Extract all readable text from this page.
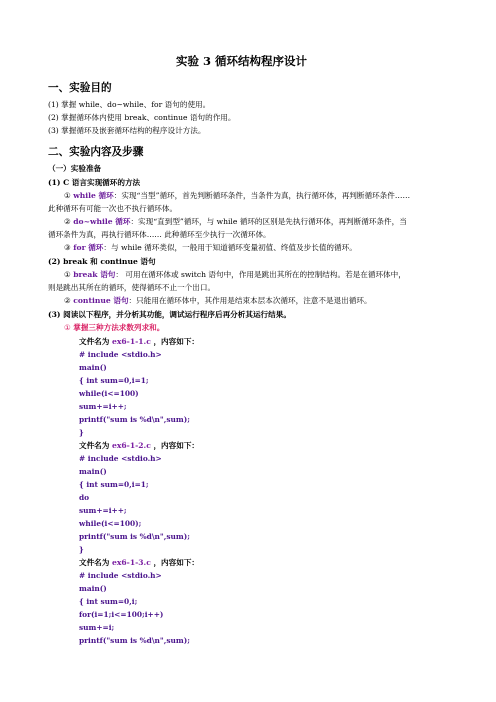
实验 3 循环结构程序设计
一、实验目的
(1) 掌握 while、do~while、for 语句的使用。
(2) 掌握循环体内使用 break、continue 语句的作用。
(3) 掌握循环及嵌套循环结构的程序设计方法。
二、实验内容及步骤
（一）实验准备
(1) C 语言实现循环的方法
① while 循环：实现“当型”循环，首先判断循环条件，当条件为真，执行循环体，再判断循环条件……
此种循环有可能一次也不执行循环体。
② do~while 循环：实现“直到型”循环，与 while 循环的区别是先执行循环体，再判断循环条件，当
循环条件为真，再执行循环体…… 此种循环至少执行一次循环体。
③ for 循环：与 while 循环类似，一般用于知道循环变量初值、终值及步长值的循环。
(2) break 和 continue 语句
① break 语句： 可用在循环体或 switch 语句中，作用是跳出其所在的控制结构。若是在循环体中，
则是跳出其所在的循环，使得循环不止一个出口。
② continue 语句：只能用在循环体中，其作用是结束本层本次循环，注意不是退出循环。
(3) 阅读以下程序，并分析其功能，调试运行程序后再分析其运行结果。
① 掌握三种方法求数列求和。
文件名为 ex6-1-1.c ，内容如下：
# include <stdio.h>
main()
{ int sum=0,i=1;
while(i<=100)
sum+=i++;
printf("sum is %d\n",sum);
}
文件名为 ex6-1-2.c ，内容如下：
# include <stdio.h>
main()
{ int sum=0,i=1;
do
sum+=i++;
while(i<=100);
printf("sum is %d\n",sum);
}
文件名为 ex6-1-3.c ，内容如下：
# include <stdio.h>
main()
{ int sum=0,i;
for(i=1;i<=100;i++)
sum+=i;
printf("sum is %d\n",sum);
